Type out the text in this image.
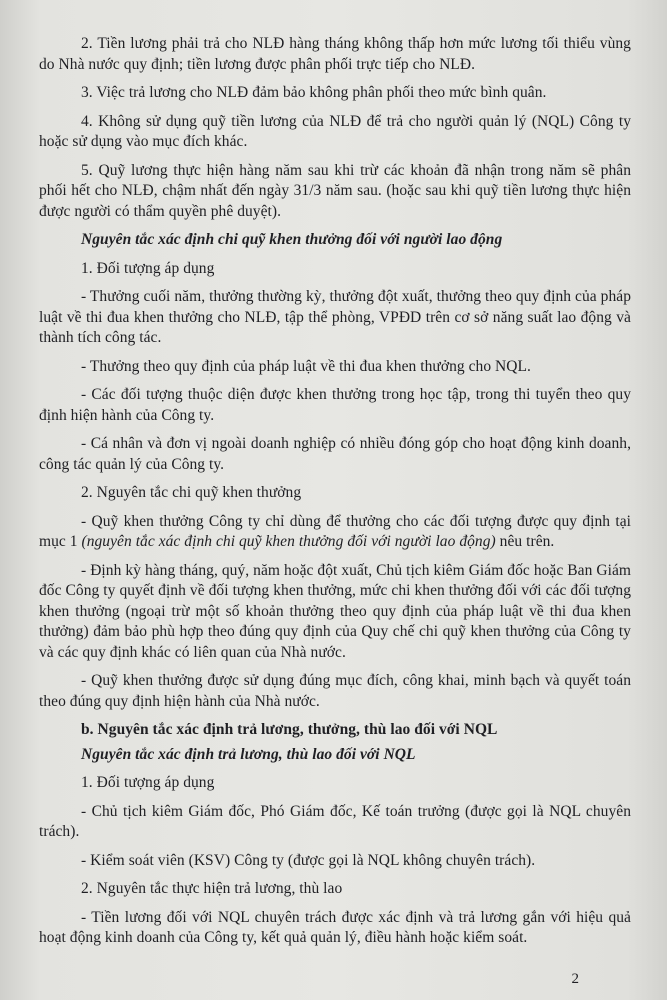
2. Tiền lương phải trả cho NLĐ hàng tháng không thấp hơn mức lương tối thiểu vùng do Nhà nước quy định; tiền lương được phân phối trực tiếp cho NLĐ.

3. Việc trả lương cho NLĐ đảm bảo không phân phối theo mức bình quân.

4. Không sử dụng quỹ tiền lương của NLĐ để trả cho người quản lý (NQL) Công ty hoặc sử dụng vào mục đích khác.

5. Quỹ lương thực hiện hàng năm sau khi trừ các khoản đã nhận trong năm sẽ phân phối hết cho NLĐ, chậm nhất đến ngày 31/3 năm sau. (hoặc sau khi quỹ tiền lương thực hiện được người có thẩm quyền phê duyệt).

Nguyên tắc xác định chi quỹ khen thưởng đối với người lao động

1. Đối tượng áp dụng

- Thưởng cuối năm, thưởng thường kỳ, thưởng đột xuất, thưởng theo quy định của pháp luật về thi đua khen thưởng cho NLĐ, tập thể phòng, VPĐD trên cơ sở năng suất lao động và thành tích công tác.

- Thưởng theo quy định của pháp luật về thi đua khen thưởng cho NQL.

- Các đối tượng thuộc diện được khen thưởng trong học tập, trong thi tuyển theo quy định hiện hành của Công ty.

- Cá nhân và đơn vị ngoài doanh nghiệp có nhiều đóng góp cho hoạt động kinh doanh, công tác quản lý của Công ty.

2. Nguyên tắc chi quỹ khen thưởng

- Quỹ khen thưởng Công ty chỉ dùng để thưởng cho các đối tượng được quy định tại mục 1 (nguyên tắc xác định chi quỹ khen thưởng đối với người lao động) nêu trên.

- Định kỳ hàng tháng, quý, năm hoặc đột xuất, Chủ tịch kiêm Giám đốc hoặc Ban Giám đốc Công ty quyết định về đối tượng khen thưởng, mức chi khen thưởng đối với các đối tượng khen thưởng (ngoại trừ một số khoản thưởng theo quy định của pháp luật về thi đua khen thưởng) đảm bảo phù hợp theo đúng quy định của Quy chế chi quỹ khen thưởng của Công ty và các quy định khác có liên quan của Nhà nước.

- Quỹ khen thưởng được sử dụng đúng mục đích, công khai, minh bạch và quyết toán theo đúng quy định hiện hành của Nhà nước.

b. Nguyên tắc xác định trả lương, thưởng, thù lao đối với NQL

Nguyên tắc xác định trả lương, thù lao đối với NQL

1. Đối tượng áp dụng

- Chủ tịch kiêm Giám đốc, Phó Giám đốc, Kế toán trưởng (được gọi là NQL chuyên trách).

- Kiểm soát viên (KSV) Công ty (được gọi là NQL không chuyên trách).

2. Nguyên tắc thực hiện trả lương, thù lao

- Tiền lương đối với NQL chuyên trách được xác định và trả lương gắn với hiệu quả hoạt động kinh doanh của Công ty, kết quả quản lý, điều hành hoặc kiểm soát.

2
